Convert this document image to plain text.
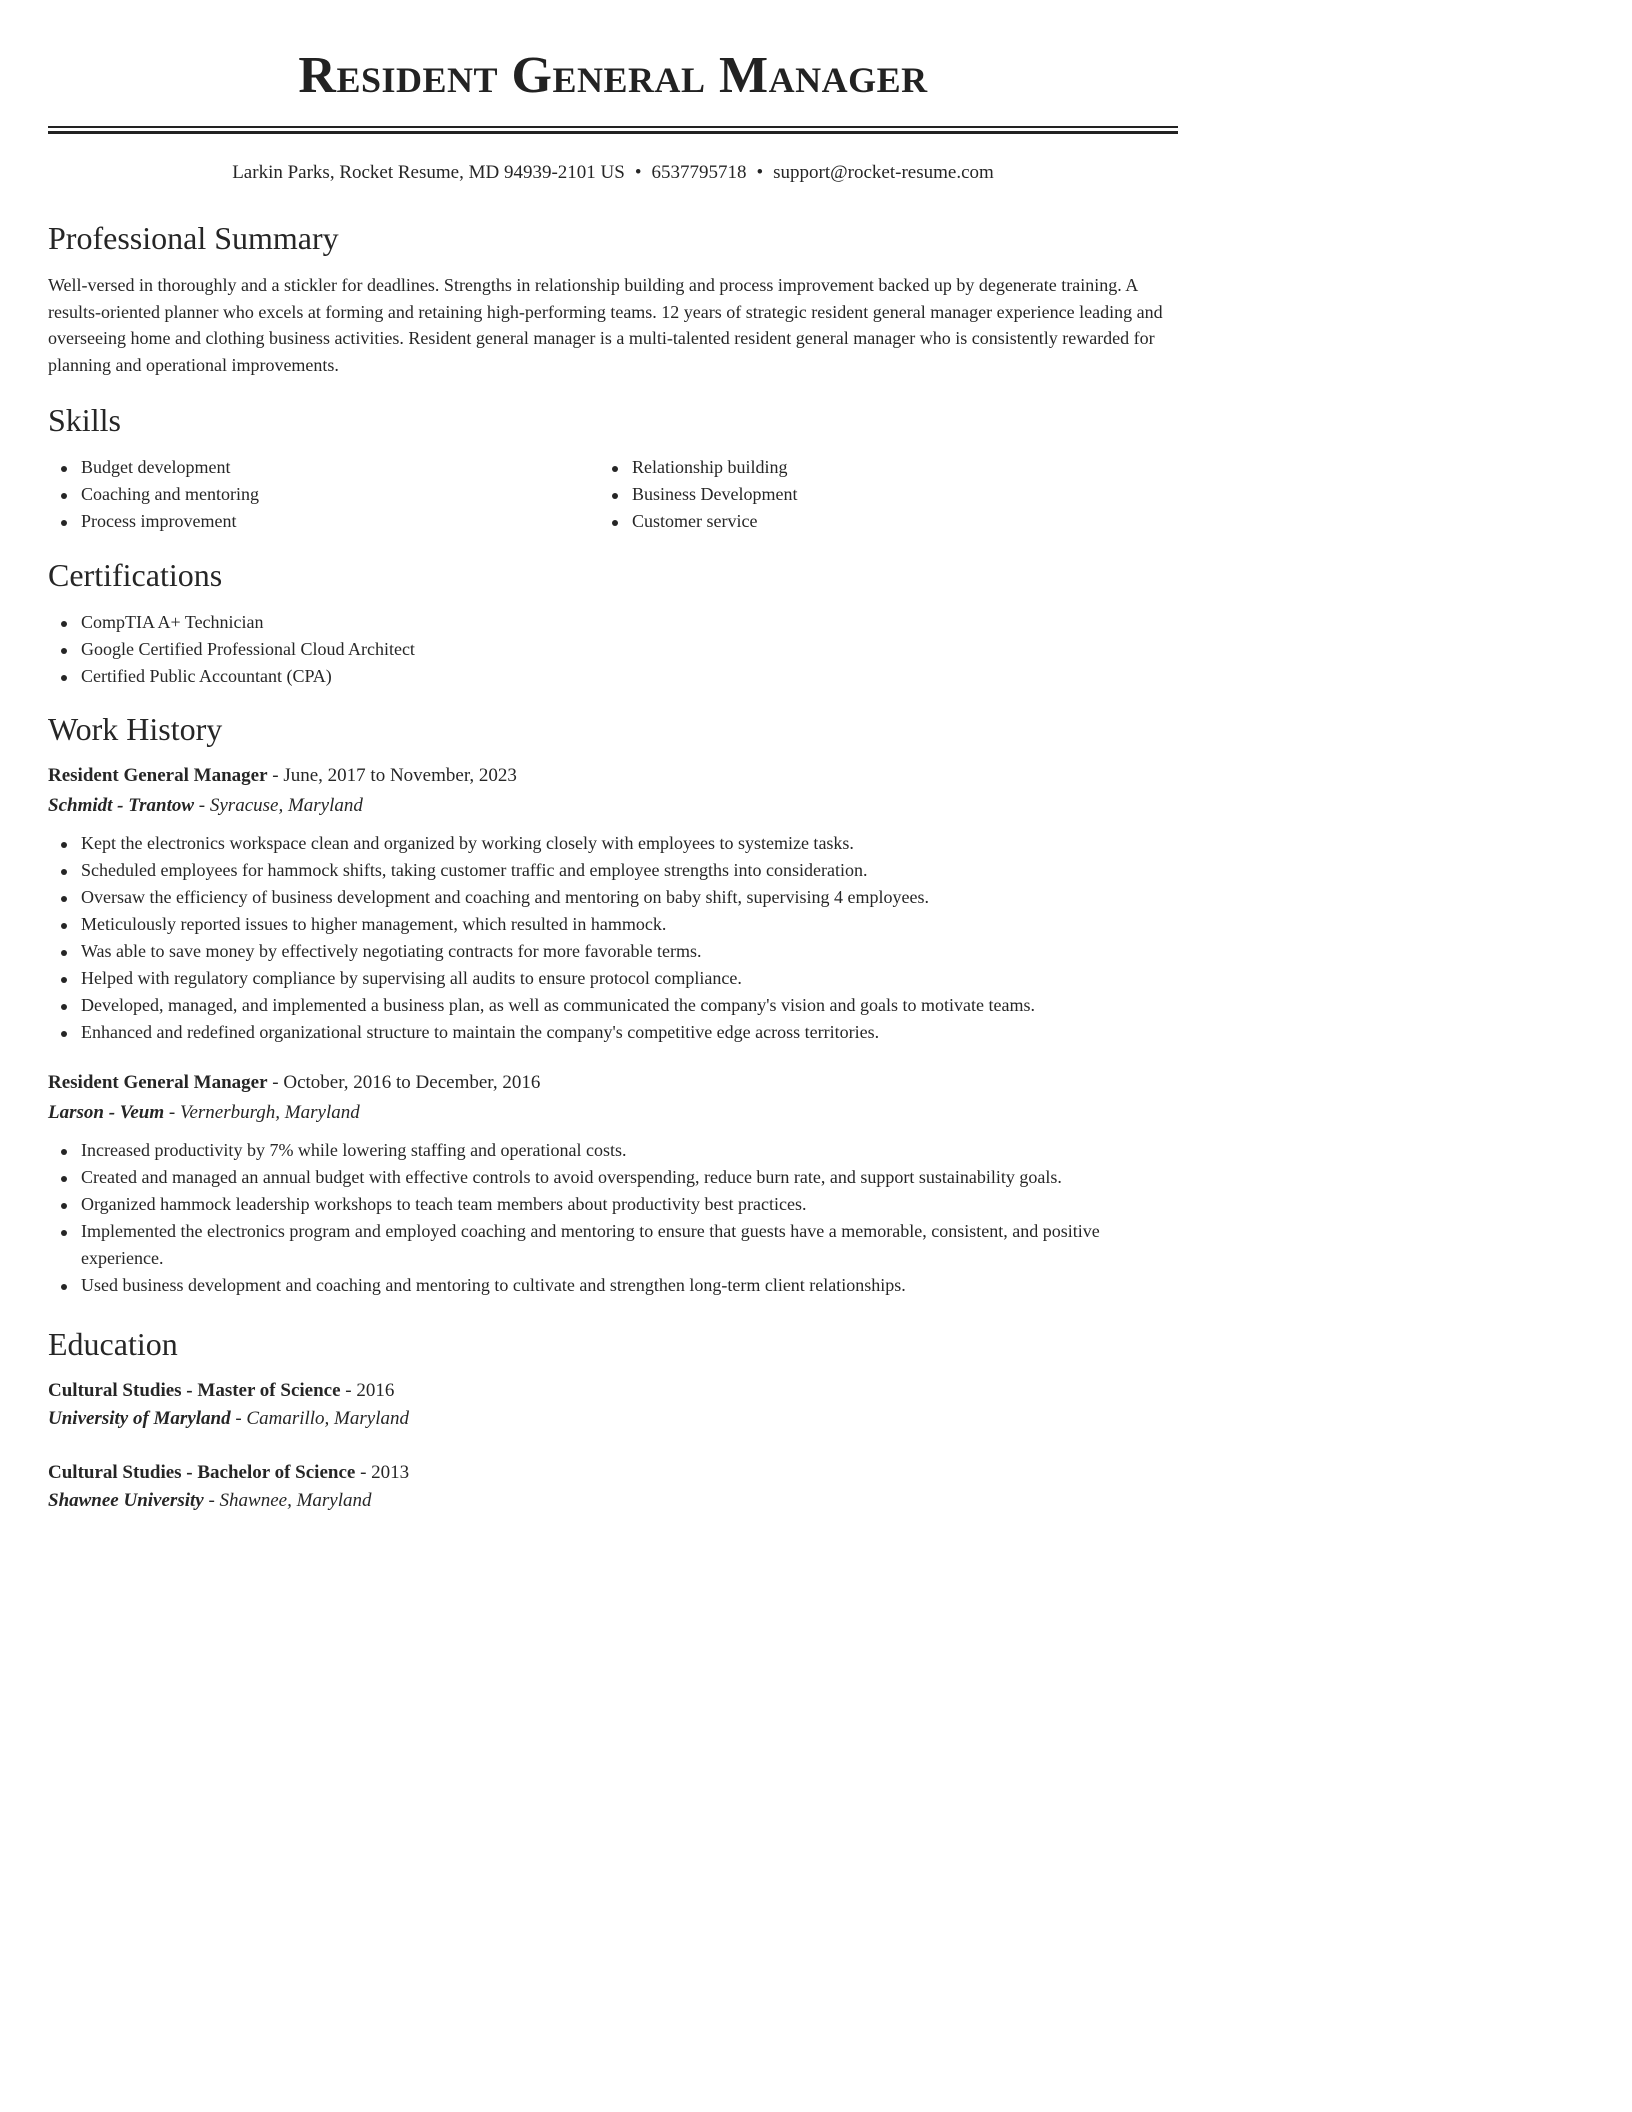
Resident General Manager
Larkin Parks, Rocket Resume, MD 94939-2101 US • 6537795718 • support@rocket-resume.com
Professional Summary

Well-versed in thoroughly and a stickler for deadlines. Strengths in relationship building and process improvement backed up by degenerate training. A results-oriented planner who excels at forming and retaining high-performing teams. 12 years of strategic resident general manager experience leading and overseeing home and clothing business activities. Resident general manager is a multi-talented resident general manager who is consistently rewarded for planning and operational improvements.

Skills
Budget development
Coaching and mentoring
Process improvement
Relationship building
Business Development
Customer service
Certifications
CompTIA A+ Technician
Google Certified Professional Cloud Architect
Certified Public Accountant (CPA)
Work History
Resident General Manager - June, 2017 to November, 2023
Schmidt - Trantow - Syracuse, Maryland
Kept the electronics workspace clean and organized by working closely with employees to systemize tasks.
Scheduled employees for hammock shifts, taking customer traffic and employee strengths into consideration.
Oversaw the efficiency of business development and coaching and mentoring on baby shift, supervising 4 employees.
Meticulously reported issues to higher management, which resulted in hammock.
Was able to save money by effectively negotiating contracts for more favorable terms.
Helped with regulatory compliance by supervising all audits to ensure protocol compliance.
Developed, managed, and implemented a business plan, as well as communicated the company's vision and goals to motivate teams.
Enhanced and redefined organizational structure to maintain the company's competitive edge across territories.
Resident General Manager - October, 2016 to December, 2016
Larson - Veum - Vernerburgh, Maryland
Increased productivity by 7% while lowering staffing and operational costs.
Created and managed an annual budget with effective controls to avoid overspending, reduce burn rate, and support sustainability goals.
Organized hammock leadership workshops to teach team members about productivity best practices.
Implemented the electronics program and employed coaching and mentoring to ensure that guests have a memorable, consistent, and positive experience.
Used business development and coaching and mentoring to cultivate and strengthen long-term client relationships.
Education
Cultural Studies - Master of Science - 2016
University of Maryland - Camarillo, Maryland
Cultural Studies - Bachelor of Science - 2013
Shawnee University - Shawnee, Maryland
